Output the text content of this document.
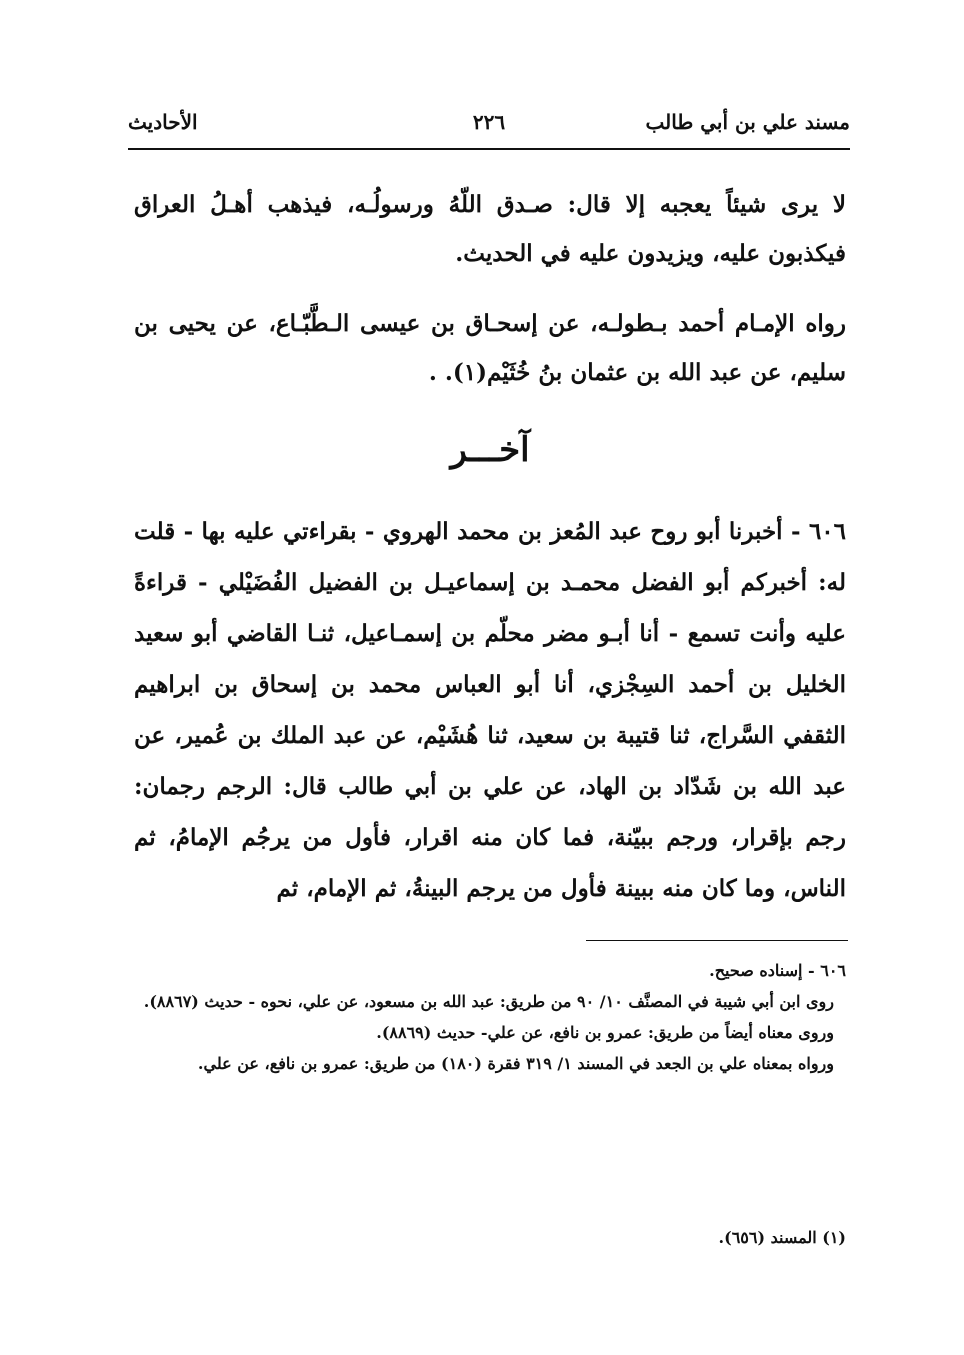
مسند علي بن أبي طالب
٢٢٦
الأحاديث
لا يرى شيئاً يعجبه إلا قال: صـدق اللّهُ ورسولُـه، فيذهب أهـلُ العراق فيكذبون عليه، ويزيدون عليه في الحديث.
رواه الإمـام أحمد بـطولـه، عن إسحـاق بن عيسى الـطَّبّـاع، عن يحيى بن سليم، عن عبد الله بن عثمان بنُ خُثَيْم(١). .
آخـــر
٦٠٦ - أخبرنا أبو روح عبد المُعز بن محمد الهروي - بقراءتي عليه بها - قلت له: أخبركم أبو الفضل محمـد بن إسماعيـل بن الفضيل الفُضَيْلي - قراءةً عليه وأنت تسمع - أنا أبـو مضر محلّم بن إسمـاعيل، ثنـا القاضي أبو سعيد الخليل بن أحمد السِجْزي، أنا أبو العباس محمد بن إسحاق بن ابراهيم الثقفي السَّراج، ثنا قتيبة بن سعيد، ثنا هُشَيْم، عن عبد الملك بن عُمير، عن عبد الله بن شَدّاد بن الهاد، عن علي بن أبي طالب قال: الرجم رجمان: رجم بإقرار، ورجم ببيّنة، فما كان منه اقرار، فأول من يرجُم الإمامُ، ثم الناس، وما كان منه ببينة فأول من يرجم البينةُ، ثم الإمام، ثم
٦٠٦ - إسناده صحيح.
روى ابن أبي شيبة في المصنَّف ١٠/ ٩٠ من طريق: عبد الله بن مسعود، عن علي، نحوه - حديث (٨٨٦٧).
وروى معناه أيضاً من طريق: عمرو بن نافع، عن علي- حديث (٨٨٦٩).
ورواه بمعناه علي بن الجعد في المسند ١/ ٣١٩ فقرة (١٨٠) من طريق: عمرو بن نافع، عن علي.
(١) المسند (٦٥٦).
